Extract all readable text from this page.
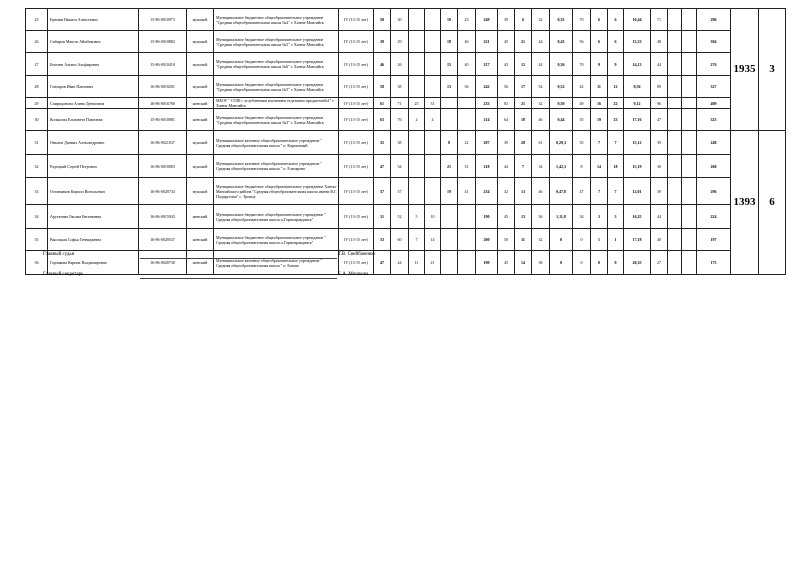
25	Еремин Никита Алексеевич	15-86-0010973	мужской	Муниципальное бюджетное общеобразовательное учреждение "Средняя общеобразовательная школа №4" г. Ханты-Мансийск	IV (13-15 лет)	50	30			10	23	249	39	6	32	0,35	70	6	6	10,44	71			296	1935	3
26	Сибиров Максат Айыбекович	15-86-0010882	мужской	Муниципальное бюджетное общеобразовательное учреждение "Средняя общеобразовательная школа №5" г. Ханты-Мансийск	IV (13-15 лет)	39	29			18	46	221	45	21	44	0,43	56	6	6	13,33	48			304		
27	Бектаев Альназ Альфирович	15-86-0010410	мужской	Муниципальное бюджетное общеобразовательное учреждение "Средняя общеобразовательная школа №6" г. Ханты-Мансийск	IV (13-15 лет)	46	26			15	40	217	43	12	44	0,36	70	9	9	14,13	44			276		
28	Гончаров Иван Павлович	16-86-0018201	мужской	Муниципальное бюджетное общеобразовательное учреждение "Средняя общеобразовательная школа №5" г. Ханты-Мансийск	IV (13-15 лет)	58	38			13	36	242	56	17	54	0,52	42	11	12	8,56	89			327		
29	Спиридонова Алина Денисовна	16-86-0016780	женский	МБОУ " СОШ с углубленным изучением отдельных предметов№1" г. Ханты-Мансийск	IV (13-15 лет)	61	71	25	31			233	83	21	32	0,50	49	16	22	9,12	96			409		
30	Копылова Елизавета Павловна	15-86-0010881	женский	Муниципальное бюджетное общеобразовательное учреждение "Средняя общеобразовательная школа №3" г. Ханты-Мансийск	IV (13-15 лет)	63	76	2	4			214	64	18	46	0,44	35	19	23	17,16	47			323		
31	Оныгов Даниил Александрович	16-86-0021037	мужской	Муниципальное казенное общеобразовательное учреждение " Средняя общеобразовательная школа " п. Кирпичный	IV (13-15 лет)	35	38			8	22	207	39	28	61	0,29,3	35	7	7	15,12	39			248	1393	6
32	Радецкий Сергей Петрович	16-86-0018083	мужской	Муниципальное казенное общеобразовательное учреждение " Средняя общеобразовательная школа " п. Елизарово	IV (13-15 лет)	47	34			21	51	218	44	7	34	1,42,3	8	14	18	15,19	30			260		
33	Останявков Кирилл Витальевич	16-86-0020734	мужской	Муниципальное бюджетное общеобразовательное учреждение Ханты-Мансийского района "Средняя общеобразовательная школа имени В.Г. Подпругина" с. Троица	IV (13-15 лет)	37	37			19	41	234	32	13	46	0,47,8	47	7	7	12,01	39			296		
34	Арутюнян Оксана Евгеньевна	16-86-0015943	женский	Муниципальное бюджетное общеобразовательное учреждение " Средняя общеобразовательная школа п.Горноправдинск"	IV (13-15 лет)	31	52	5	10			190	45	13	36	1,11,8	34	3	3	16,25	44			224		
35	Высоцкая Софья Геннадьевна	16-86-0020537	женский	Муниципальное бюджетное общеобразовательное учреждение " Средняя общеобразовательная школа п.Горноправдинск"	IV (13-15 лет)	33	60	7	14			200	50	11	32	0	0	1	1	17,18	40			197		
36	Горчакова Карина Владимировна	16-86-0020730	женский	Муниципальное казенное общеобразовательное учреждение " Средняя общеобразовательная школа " п. Батово	IV (13-15 лет)	47	44	11	21			190	45	14	38	0	0	0	0	20,35	27			175		
Главный судья	Т.В. Свейбаченко
Главный секретарь	Е.А. Мошкова
